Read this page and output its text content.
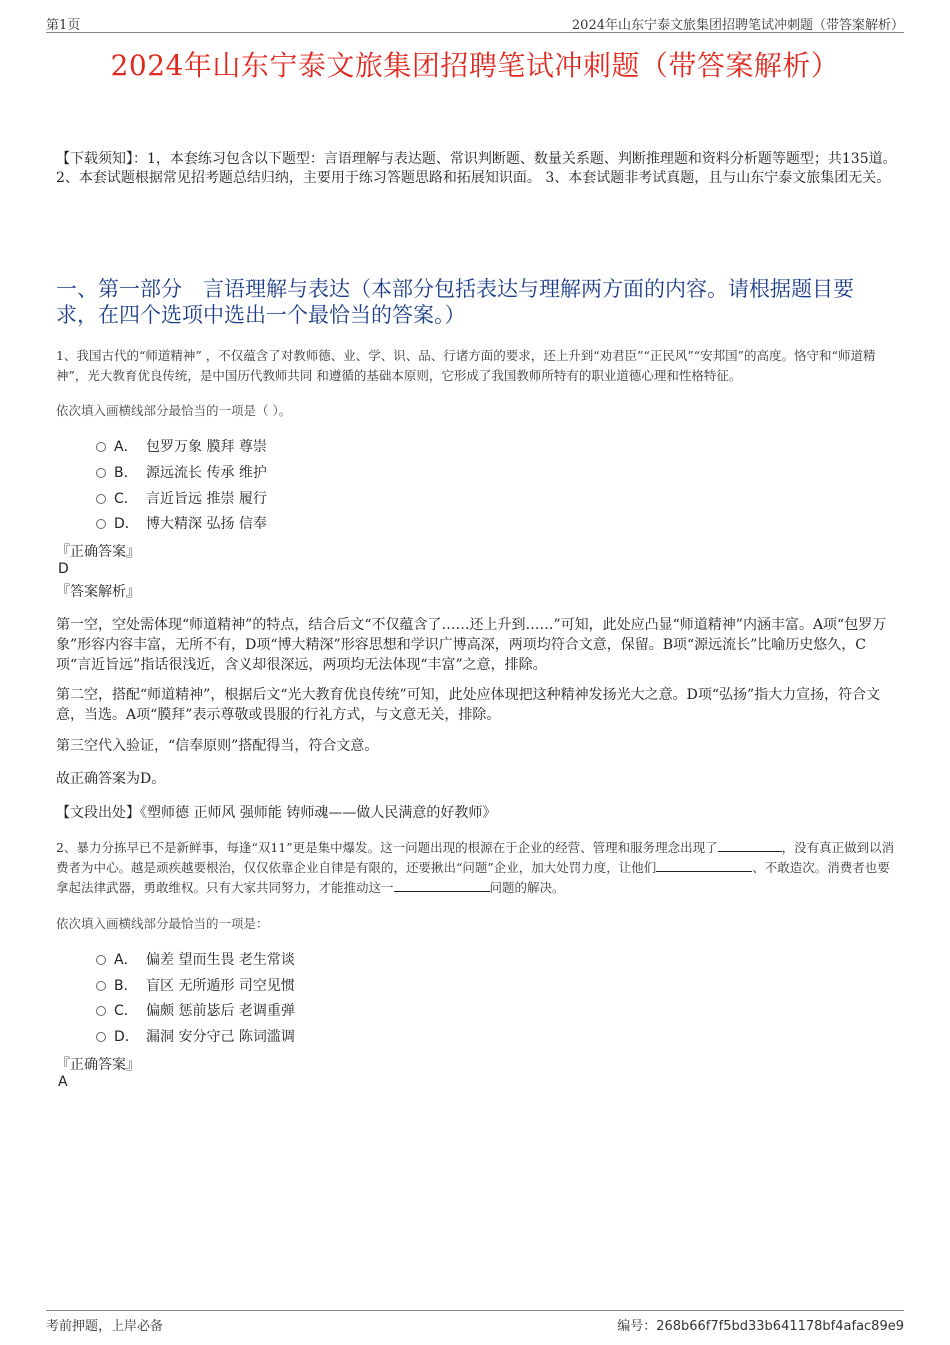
第1页	2024年山东宁泰文旅集团招聘笔试冲刺题（带答案解析）
2024年山东宁泰文旅集团招聘笔试冲刺题（带答案解析）
【下载须知】：1，本套练习包含以下题型：言语理解与表达题、常识判断题、数量关系题、判断推理题和资料分析题等题型；共135道。 2、本套试题根据常见招考题总结归纳，主要用于练习答题思路和拓展知识面。 3、本套试题非考试真题，且与山东宁泰文旅集团无关。
一、第一部分　言语理解与表达（本部分包括表达与理解两方面的内容。请根据题目要求，在四个选项中选出一个最恰当的答案。）
1、我国古代的“师道精神” ，不仅蕴含了对教师德、业、学、识、品、行诸方面的要求，还上升到“劝君臣”“正民风”“安邦国”的高度。恪守和“师道精神”，光大教育优良传统，是中国历代教师共同 和遵循的基础本原则，它形成了我国教师所特有的职业道德心理和性格特征。
依次填入画横线部分最恰当的一项是（ ）。
A． 包罗万象 膜拜 尊崇
B． 源远流长 传承 维护
C． 言近旨远 推崇 履行
D． 博大精深 弘扬 信奉
『正确答案』
D
『答案解析』
第一空，空处需体现“师道精神”的特点，结合后文“不仅蕴含了……还上升到……”可知，此处应凸显“师道精神”内涵丰富。A项“包罗万象”形容内容丰富，无所不有，D项“博大精深”形容思想和学识广博高深，两项均符合文意，保留。B项“源远流长”比喻历史悠久，C项“言近旨远”指话很浅近，含义却很深远，两项均无法体现“丰富”之意，排除。
第二空，搭配“师道精神”，根据后文“光大教育优良传统”可知，此处应体现把这种精神发扬光大之意。D项“弘扬”指大力宣扬，符合文意，当选。A项“膜拜”表示尊敬或畏服的行礼方式，与文意无关，排除。
第三空代入验证，“信奉原则”搭配得当，符合文意。
故正确答案为D。
【文段出处】《塑师德 正师风 强师能 铸师魂——做人民满意的好教师》
2、暴力分拣早已不是新鲜事，每逢“双11”更是集中爆发。这一问题出现的根源在于企业的经营、管理和服务理念出现了	，没有真正做到以消费者为中心。越是顽疾越要根治，仅仅依靠企业自律是有限的，还要揪出“问题”企业，加大处罚力度，让他们	、不敢造次。消费者也要拿起法律武器，勇敢维权。只有大家共同努力，才能推动这一	问题的解决。
依次填入画横线部分最恰当的一项是：
A． 偏差 望而生畏 老生常谈
B． 盲区 无所遁形 司空见惯
C． 偏颇 惩前毖后 老调重弹
D． 漏洞 安分守己 陈词滥调
『正确答案』
A
考前押题，上岸必备	编号：268b66f7f5bd33b641178bf4afac89e9
